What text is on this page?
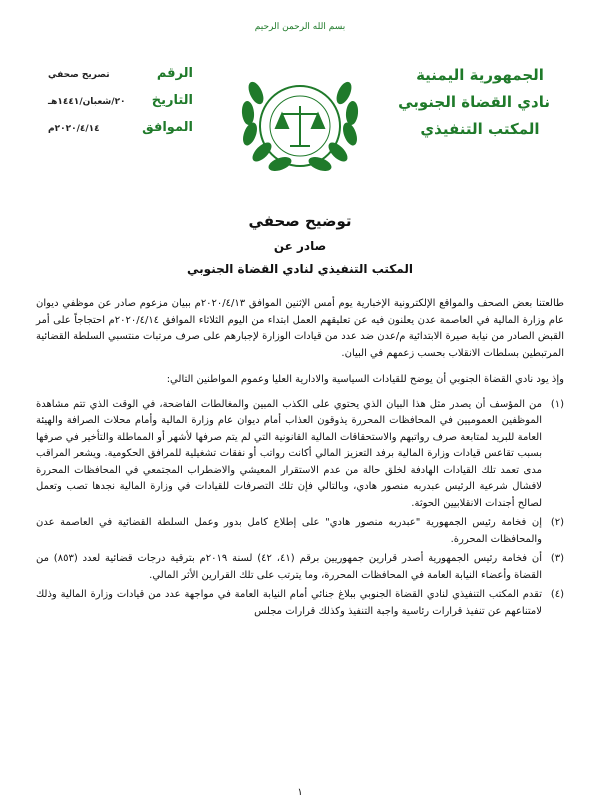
بسم الله الرحمن الرحيم
الجمهورية اليمنية
نادي القضاة الجنوبي
المكتب التنفيذي
الرقم
تصريح صحفي
التاريخ
٢٠/شعبان/١٤٤١هـ
الموافق
٢٠٢٠/٤/١٤م
توضيح صحفي
صادر عن
المكتب التنفيذي لنادي القضاة الجنوبي

طالعتنا بعض الصحف والمواقع الإلكترونية الإخبارية يوم أمس الإثنين الموافق ٢٠٢٠/٤/١٣م ببيان مزعوم صادر عن موظفي ديوان عام وزارة المالية في العاصمة عدن يعلنون فيه عن تعليقهم العمل ابتداء من اليوم الثلاثاء الموافق ٢٠٢٠/٤/١٤م احتجاجاً على أمر القبض الصادر من نيابة صيرة الابتدائية م/عدن ضد عدد من قيادات الوزارة لإجبارهم على صرف مرتبات منتسبي السلطة القضائية المرتبطين بسلطات الانقلاب بحسب زعمهم في البيان.

وإذ يود نادي القضاة الجنوبي أن يوضح للقيادات السياسية والادارية العليا وعموم المواطنين التالي:

(١)
من المؤسف أن يصدر مثل هذا البيان الذي يحتوي على الكذب المبين والمغالطات الفاضحة، في الوقت الذي تتم مشاهدة الموظفين العموميين في المحافظات المحررة يذوقون العذاب أمام ديوان عام وزارة المالية وأمام محلات الصرافة والهيئة العامة للبريد لمتابعة صرف رواتبهم والاستحقاقات المالية القانونية التي لم يتم صرفها لأشهر أو المماطلة والتأخير في صرفها بسبب تقاعس قيادات وزارة المالية برفد التعزيز المالي أكانت رواتب أو نفقات تشغيلية للمرافق الحكومية. ويشعر المراقب مدى تعمد تلك القيادات الهادفة لخلق حالة من عدم الاستقرار المعيشي والاضطراب المجتمعي في المحافظات المحررة لافشال شرعية الرئيس عبدربه منصور هادي، وبالتالي فإن تلك التصرفات للقيادات في وزارة المالية نجدها تصب وتعمل لصالح أجندات الانقلابيين الحوثة.
(٢)
إن فخامة رئيس الجمهورية "عبدربه منصور هادي" على إطلاع كامل بدور وعمل السلطة القضائية في العاصمة عدن والمحافظات المحررة.
(٣)
أن فخامة رئيس الجمهورية أصدر قرارين جمهوريين برقم (٤١، ٤٢) لسنة ٢٠١٩م بترقية درجات قضائية لعدد (٨٥٣) من القضاة وأعضاء النيابة العامة في المحافظات المحررة، وما يترتب على تلك القرارين الأثر المالي.
(٤)
تقدم المكتب التنفيذي لنادي القضاة الجنوبي ببلاغ جنائي أمام النيابة العامة في مواجهة عدد من قيادات وزارة المالية وذلك لامتناعهم عن تنفيذ قرارات رئاسية واجبة التنفيذ وكذلك قرارات مجلس
١
